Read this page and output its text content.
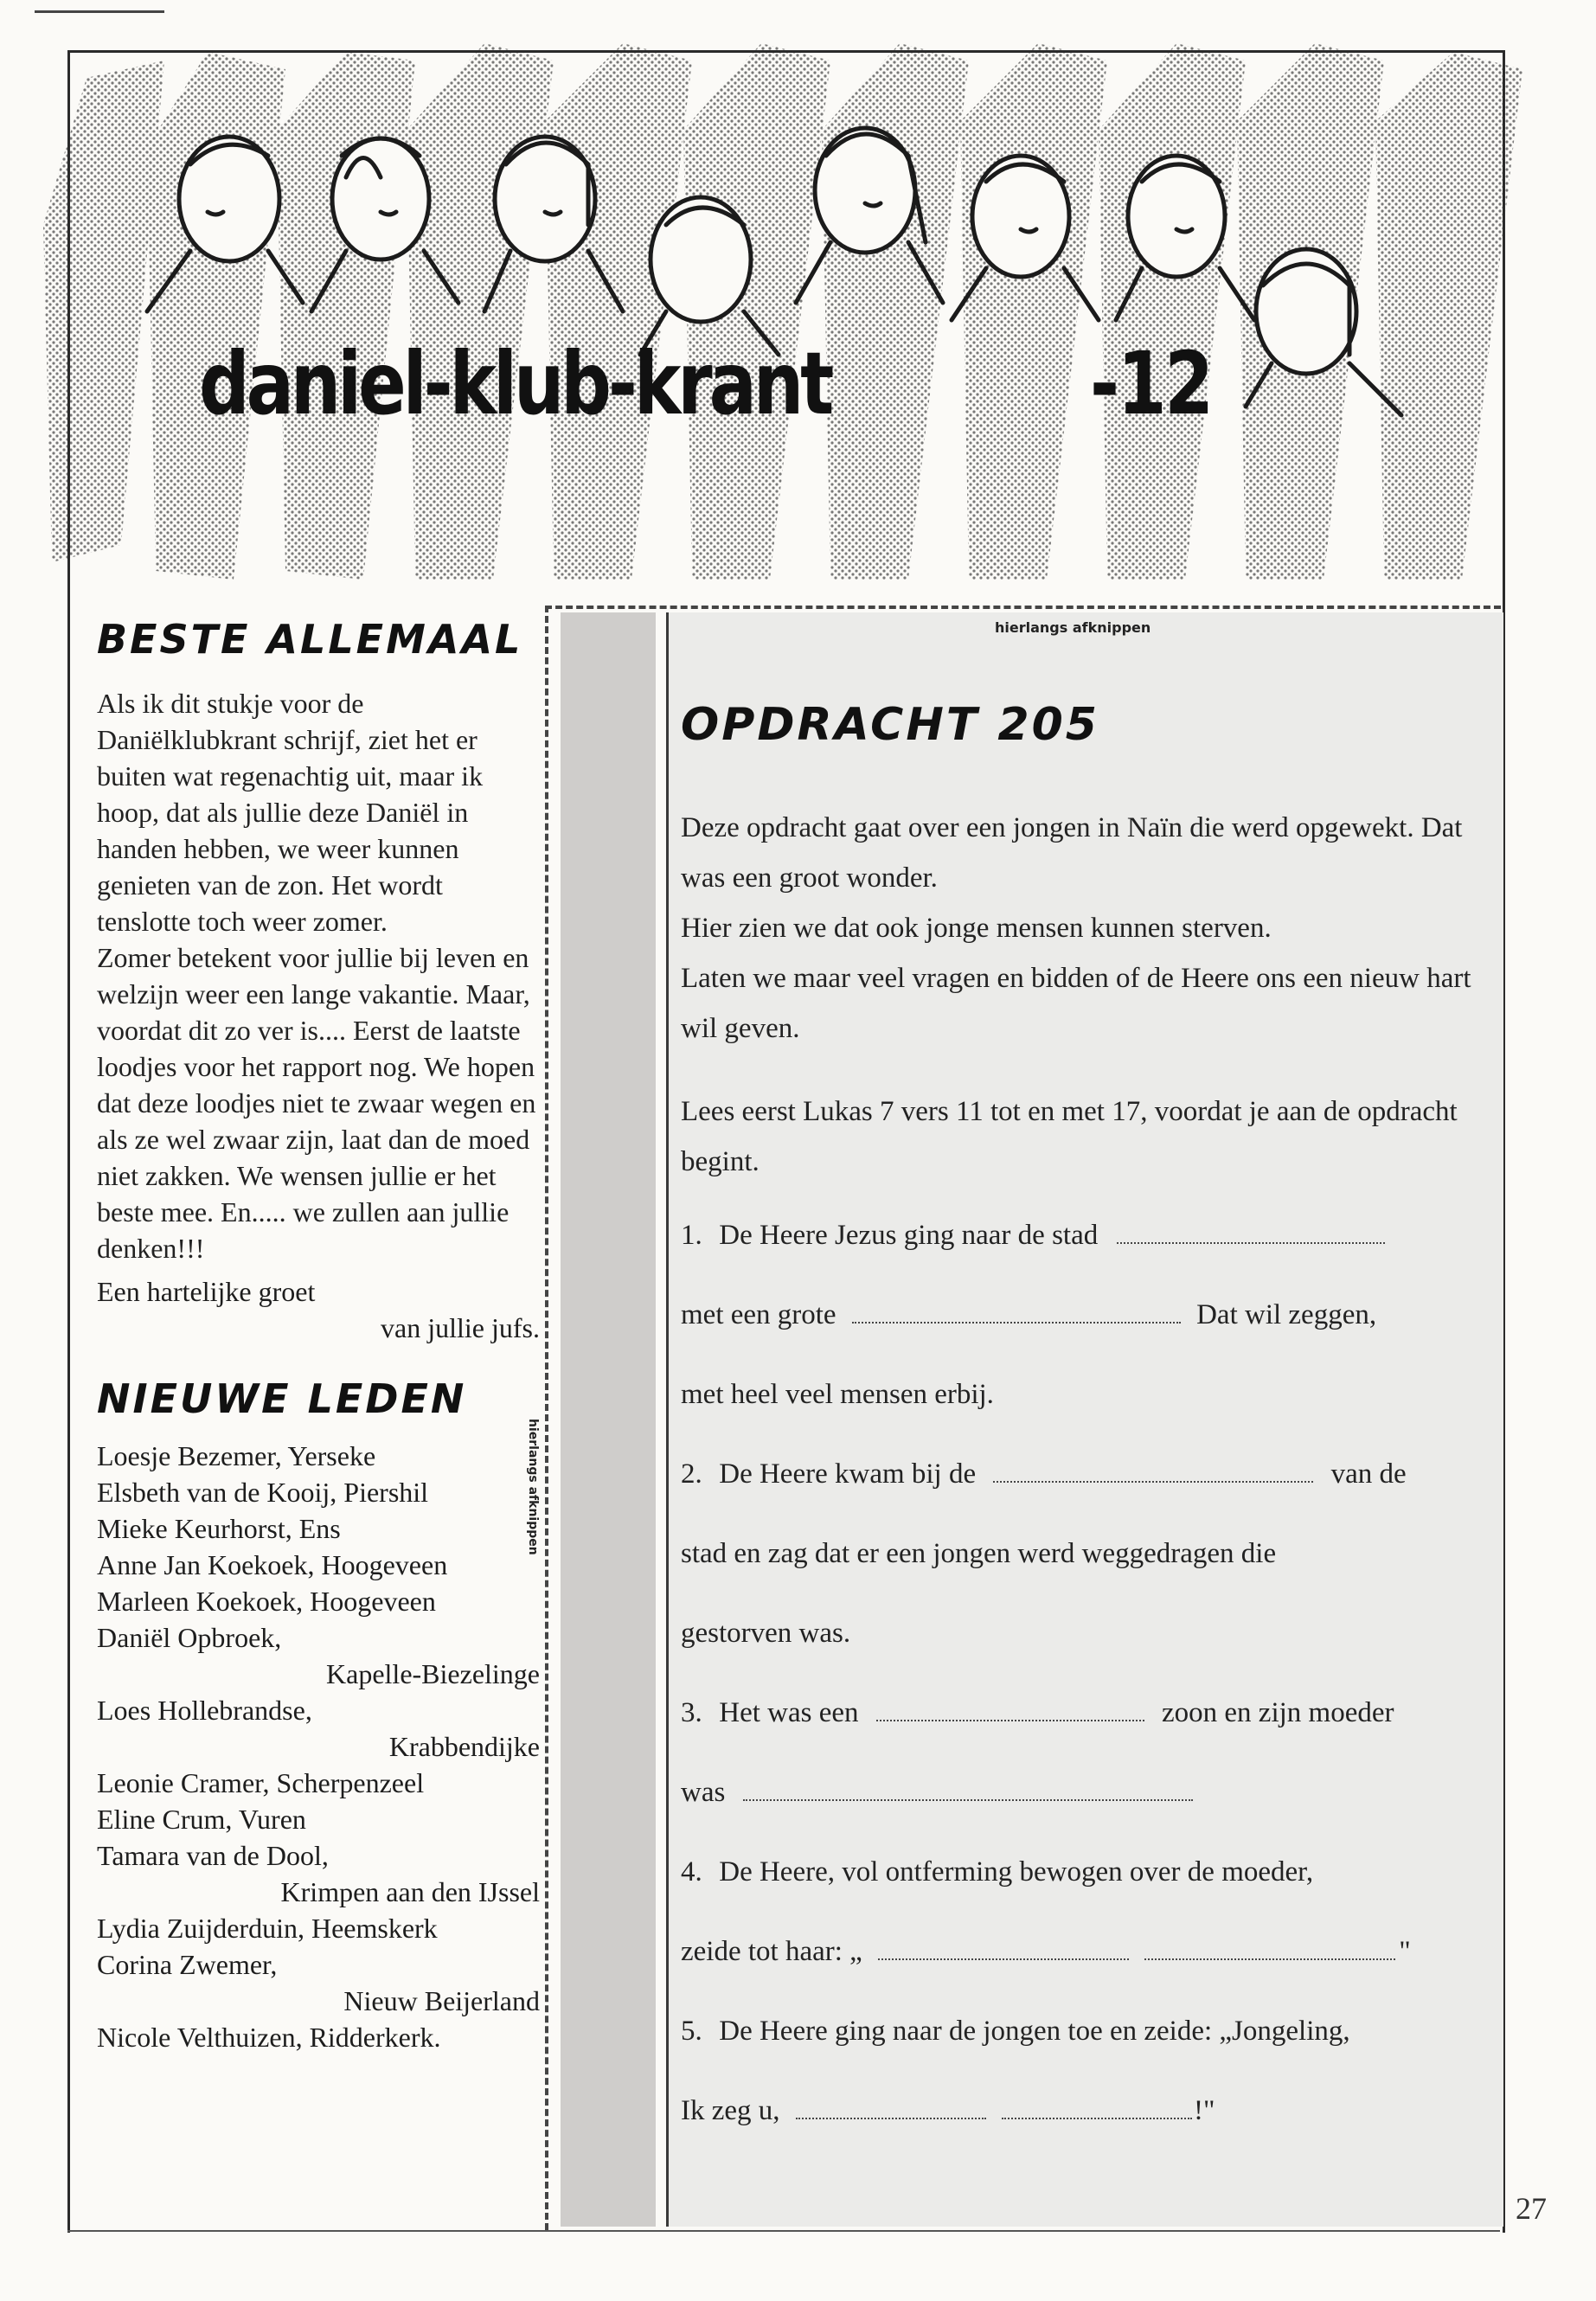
daniel-klub-krant	-12
BESTE ALLEMAAL

Als ik dit stukje voor de Daniëlklubkrant schrijf, ziet het er buiten wat regenachtig uit, maar ik hoop, dat als jullie deze Daniël in handen hebben, we weer kunnen genieten van de zon. Het wordt tenslotte toch weer zomer.

Zomer betekent voor jullie bij leven en welzijn weer een lange vakantie. Maar, voordat dit zo ver is.... Eerst de laatste loodjes voor het rapport nog. We hopen dat deze loodjes niet te zwaar wegen en als ze wel zwaar zijn, laat dan de moed niet zakken. We wensen jullie er het beste mee. En..... we zullen aan jullie denken!!!

Een hartelijke groet
van jullie jufs.
NIEUWE LEDEN
Loesje Bezemer, Yerseke
Elsbeth van de Kooij, Piershil
Mieke Keurhorst, Ens
Anne Jan Koekoek, Hoogeveen
Marleen Koekoek, Hoogeveen
Daniël Opbroek,
Kapelle-Biezelinge
Loes Hollebrandse,
Krabbendijke
Leonie Cramer, Scherpenzeel
Eline Crum, Vuren
Tamara van de Dool,
Krimpen aan den IJssel
Lydia Zuijderduin, Heemskerk
Corina Zwemer,
Nieuw Beijerland
Nicole Velthuizen, Ridderkerk.
hierlangs afknippen
OPDRACHT 205

Deze opdracht gaat over een jongen in Naïn die werd opgewekt. Dat was een groot wonder.

Hier zien we dat ook jonge mensen kunnen sterven.

Laten we maar veel vragen en bidden of de Heere ons een nieuw hart wil geven.

Lees eerst Lukas 7 vers 11 tot en met 17, voordat je aan de opdracht begint.

1. De Heere Jezus ging naar de stad
met een grote	Dat wil zeggen,
met heel veel mensen erbij.
2. De Heere kwam bij de	van de
stad en zag dat er een jongen werd weggedragen die
gestorven was.
3. Het was een	zoon en zijn moeder
was
4. De Heere, vol ontferming bewogen over de moeder,
zeide tot haar: „	"
5. De Heere ging naar de jongen toe en zeide: „Jongeling,
Ik zeg u,	!"
hierlangs afknippen
27
